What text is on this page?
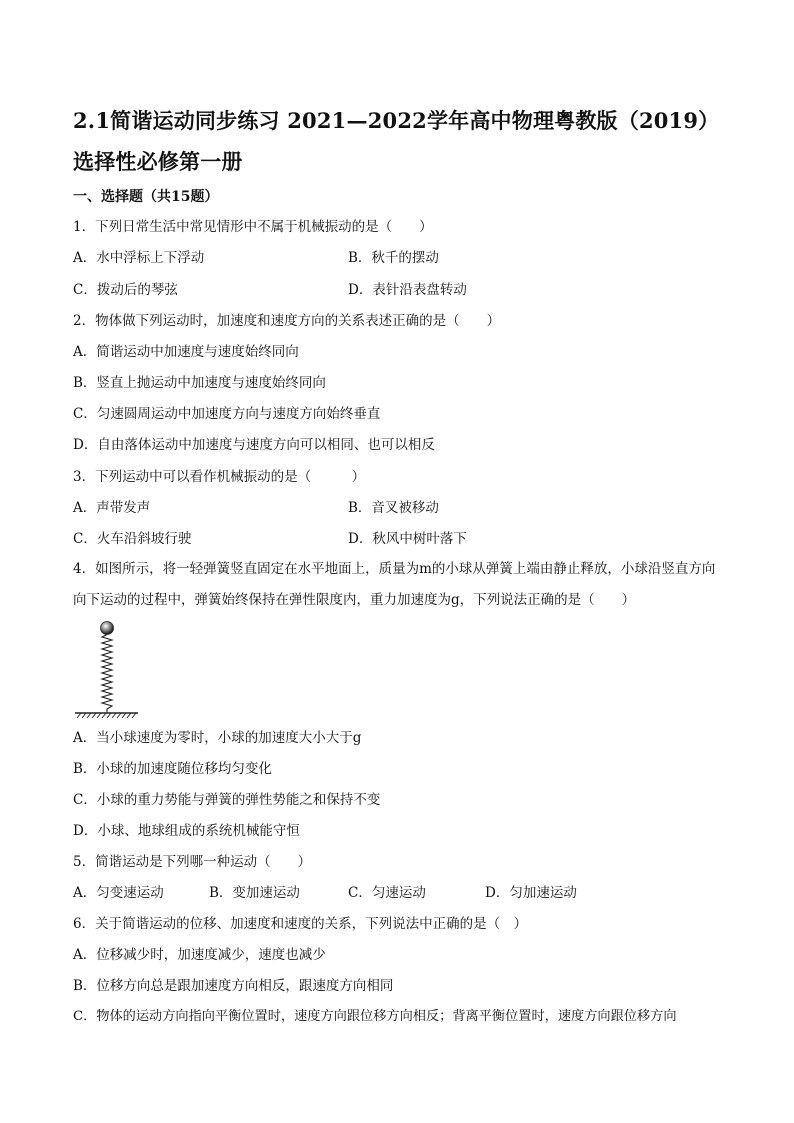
2.1简谐运动同步练习 2021—2022学年高中物理粤教版（2019）选择性必修第一册
一、选择题（共15题）
1．下列日常生活中常见情形中不属于机械振动的是（　　）
A．水中浮标上下浮动	B．秋千的摆动
C．拨动后的琴弦	D．表针沿表盘转动
2．物体做下列运动时，加速度和速度方向的关系表述正确的是（　　）
A．简谐运动中加速度与速度始终同向
B．竖直上抛运动中加速度与速度始终同向
C．匀速圆周运动中加速度方向与速度方向始终垂直
D．自由落体运动中加速度与速度方向可以相同、也可以相反
3．下列运动中可以看作机械振动的是（　　　）
A．声带发声	B．音叉被移动
C．火车沿斜坡行驶	D．秋风中树叶落下
4．如图所示，将一轻弹簧竖直固定在水平地面上，质量为m的小球从弹簧上端由静止释放，小球沿竖直方向向下运动的过程中，弹簧始终保持在弹性限度内，重力加速度为g，下列说法正确的是（　　）
A．当小球速度为零时，小球的加速度大小大于g
B．小球的加速度随位移均匀变化
C．小球的重力势能与弹簧的弹性势能之和保持不变
D．小球、地球组成的系统机械能守恒
5．简谐运动是下列哪一种运动（　　）
A．匀变速运动	B．变加速运动	C．匀速运动	D．匀加速运动
6．关于简谐运动的位移、加速度和速度的关系，下列说法中正确的是（　）
A．位移减少时，加速度减少，速度也减少
B．位移方向总是跟加速度方向相反，跟速度方向相同
C．物体的运动方向指向平衡位置时，速度方向跟位移方向相反；背离平衡位置时，速度方向跟位移方向
